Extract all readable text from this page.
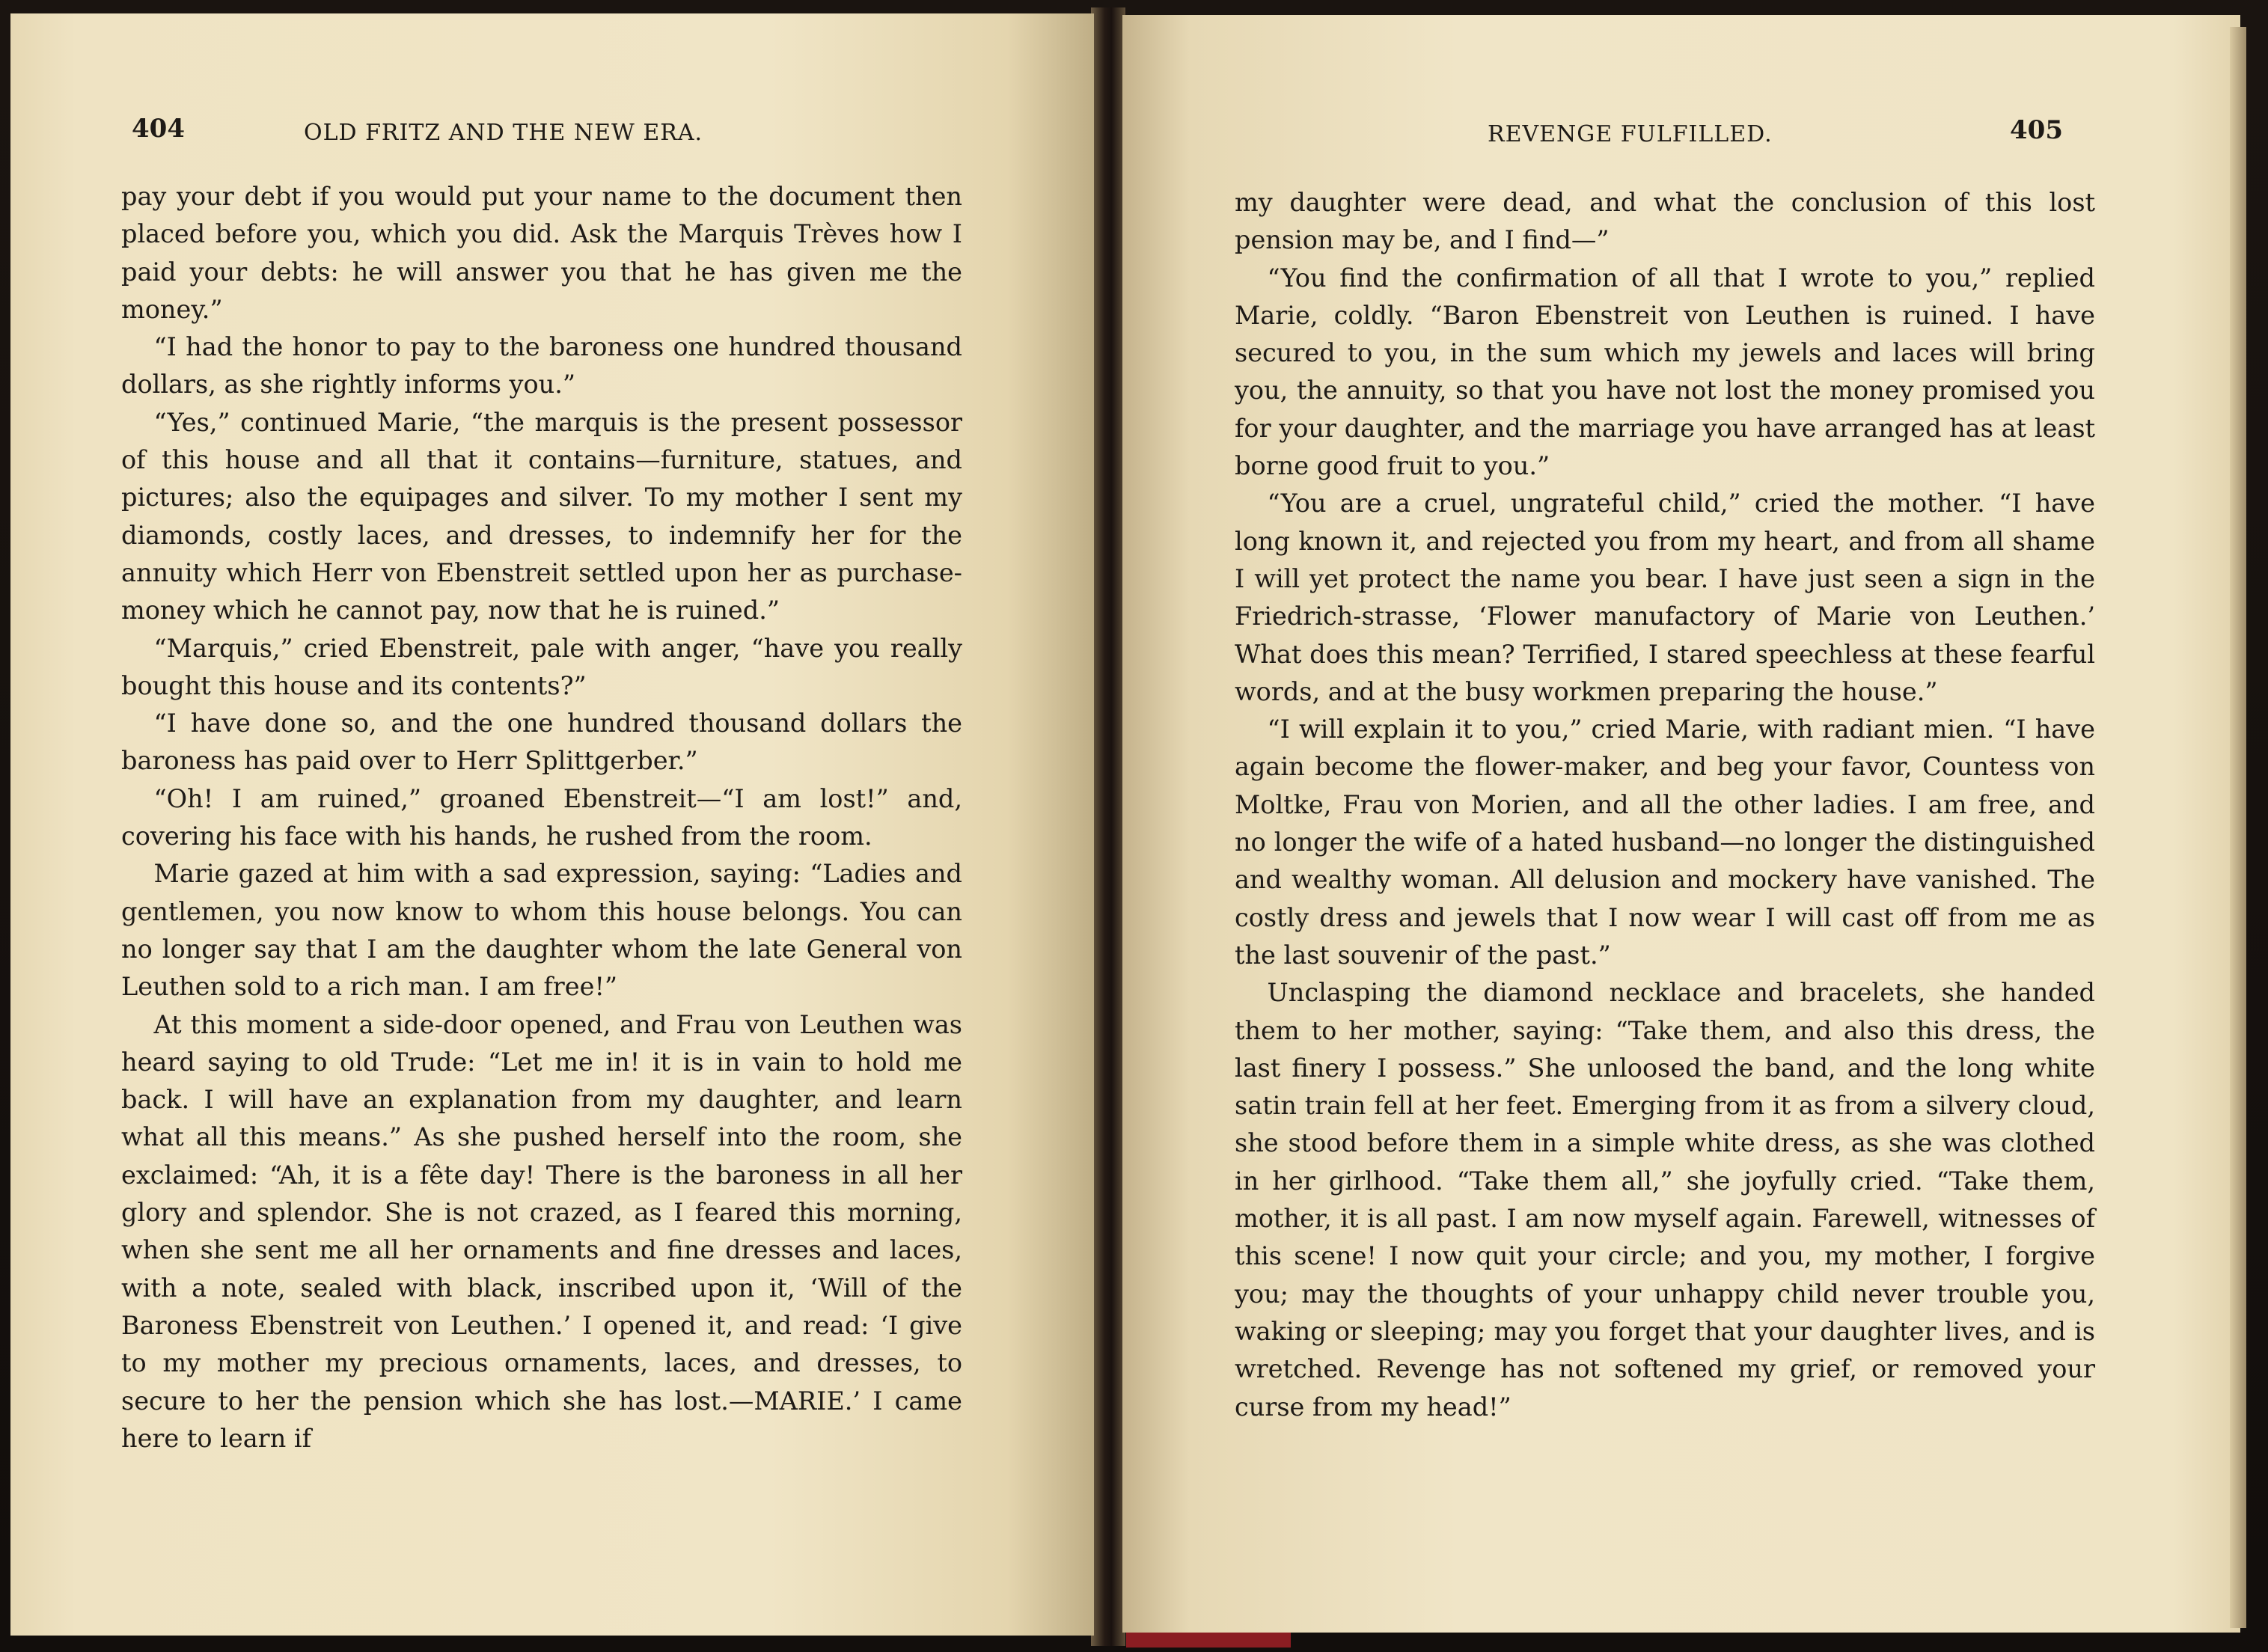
404	OLD FRITZ AND THE NEW ERA.

pay your debt if you would put your name to the document then placed before you, which you did. Ask the Marquis Trèves how I paid your debts: he will answer you that he has given me the money.”

“I had the honor to pay to the baroness one hundred thousand dollars, as she rightly informs you.”

“Yes,” continued Marie, “the marquis is the present possessor of this house and all that it contains—furniture, statues, and pictures; also the equipages and silver. To my mother I sent my diamonds, costly laces, and dresses, to indemnify her for the annuity which Herr von Ebenstreit settled upon her as purchase-money which he cannot pay, now that he is ruined.”

“Marquis,” cried Ebenstreit, pale with anger, “have you really bought this house and its contents?”

“I have done so, and the one hundred thousand dollars the baroness has paid over to Herr Splittgerber.”

“Oh! I am ruined,” groaned Ebenstreit—“I am lost!” and, covering his face with his hands, he rushed from the room.

Marie gazed at him with a sad expression, saying: “Ladies and gentlemen, you now know to whom this house belongs. You can no longer say that I am the daughter whom the late General von Leuthen sold to a rich man. I am free!”

At this moment a side-door opened, and Frau von Leuthen was heard saying to old Trude: “Let me in! it is in vain to hold me back. I will have an explanation from my daughter, and learn what all this means.” As she pushed herself into the room, she exclaimed: “Ah, it is a fête day! There is the baroness in all her glory and splendor. She is not crazed, as I feared this morning, when she sent me all her ornaments and fine dresses and laces, with a note, sealed with black, inscribed upon it, ‘Will of the Baroness Ebenstreit von Leuthen.’ I opened it, and read: ‘I give to my mother my precious ornaments, laces, and dresses, to secure to her the pension which she has lost.—MARIE.’ I came here to learn if

REVENGE FULFILLED.	405

my daughter were dead, and what the conclusion of this lost pension may be, and I find—”

“You find the confirmation of all that I wrote to you,” replied Marie, coldly. “Baron Ebenstreit von Leuthen is ruined. I have secured to you, in the sum which my jewels and laces will bring you, the annuity, so that you have not lost the money promised you for your daughter, and the marriage you have arranged has at least borne good fruit to you.”

“You are a cruel, ungrateful child,” cried the mother. “I have long known it, and rejected you from my heart, and from all shame I will yet protect the name you bear. I have just seen a sign in the Friedrich-strasse, ‘Flower manufactory of Marie von Leuthen.’ What does this mean? Terrified, I stared speechless at these fearful words, and at the busy workmen preparing the house.”

“I will explain it to you,” cried Marie, with radiant mien. “I have again become the flower-maker, and beg your favor, Countess von Moltke, Frau von Morien, and all the other ladies. I am free, and no longer the wife of a hated husband—no longer the distinguished and wealthy woman. All delusion and mockery have vanished. The costly dress and jewels that I now wear I will cast off from me as the last souvenir of the past.”

Unclasping the diamond necklace and bracelets, she handed them to her mother, saying: “Take them, and also this dress, the last finery I possess.” She unloosed the band, and the long white satin train fell at her feet. Emerging from it as from a silvery cloud, she stood before them in a simple white dress, as she was clothed in her girlhood. “Take them all,” she joyfully cried. “Take them, mother, it is all past. I am now myself again. Farewell, witnesses of this scene! I now quit your circle; and you, my mother, I forgive you; may the thoughts of your unhappy child never trouble you, waking or sleeping; may you forget that your daughter lives, and is wretched. Revenge has not softened my grief, or removed your curse from my head!”
